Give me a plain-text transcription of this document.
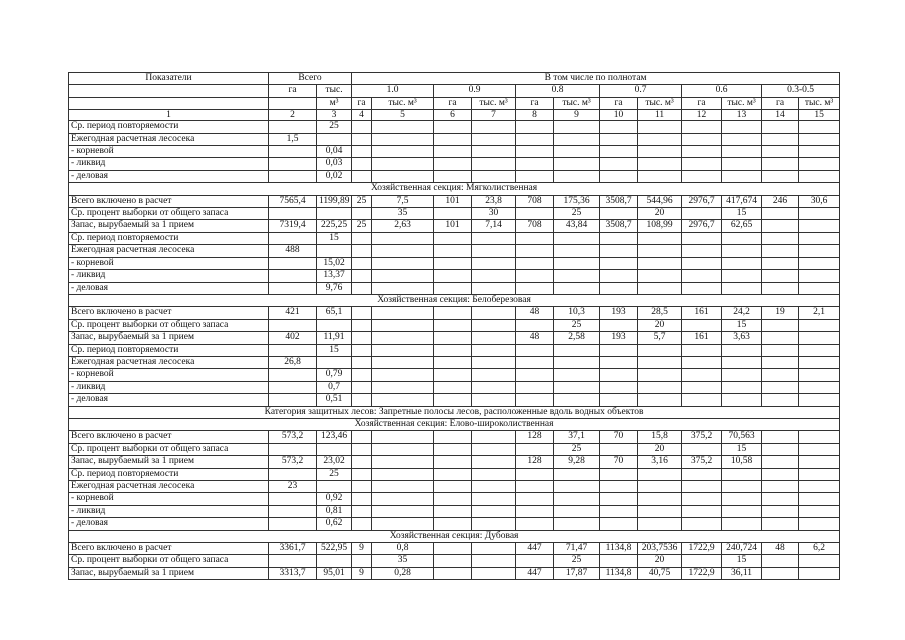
Показатели	Всего		В том числе по полнотам											
	га	тыс.	1.0		0.9		0.8		0.7		0.6		0.3-0.5	
		м³	га	тыс. м³	га	тыс. м³	га	тыс. м³	га	тыс. м³	га	тыс. м³	га	тыс. м³
1	2	3	4	5	6	7	8	9	10	11	12	13	14	15
Ср. период повторяемости		25												
Ежегодная расчетная лесосека	1,5													
- корневой		0,04												
- ликвид		0,03												
- деловая		0,02												
Хозяйственная секция: Мягколиственная														
Всего включено в расчет	7565,4	1199,89	25	7,5	101	23,8	708	175,36	3508,7	544,96	2976,7	417,674	246	30,6
Ср. процент выборки от общего запаса				35		30		25		20		15		
Запас, вырубаемый за 1 прием	7319,4	225,25	25	2,63	101	7,14	708	43,84	3508,7	108,99	2976,7	62,65		
Ср. период повторяемости		15												
Ежегодная расчетная лесосека	488													
- корневой		15,02												
- ликвид		13,37												
- деловая		9,76												
Хозяйственная секция: Белоберезовая														
Всего включено в расчет	421	65,1					48	10,3	193	28,5	161	24,2	19	2,1
Ср. процент выборки от общего запаса								25		20		15		
Запас, вырубаемый за 1 прием	402	11,91					48	2,58	193	5,7	161	3,63		
Ср. период повторяемости		15												
Ежегодная расчетная лесосека	26,8													
- корневой		0,79												
- ликвид		0,7												
- деловая		0,51												
Категория защитных лесов: Запретные полосы лесов, расположенные вдоль водных объектов														
Хозяйственная секция: Елово-широколиственная														
Всего включено в расчет	573,2	123,46					128	37,1	70	15,8	375,2	70,563		
Ср. процент выборки от общего запаса								25		20		15		
Запас, вырубаемый за 1 прием	573,2	23,02					128	9,28	70	3,16	375,2	10,58		
Ср. период повторяемости		25												
Ежегодная расчетная лесосека	23													
- корневой		0,92												
- ликвид		0,81												
- деловая		0,62												
Хозяйственная секция: Дубовая														
Всего включено в расчет	3361,7	522,95	9	0,8			447	71,47	1134,8	203,7536	1722,9	240,724	48	6,2
Ср. процент выборки от общего запаса				35				25		20		15		
Запас, вырубаемый за 1 прием	3313,7	95,01	9	0,28			447	17,87	1134,8	40,75	1722,9	36,11		
